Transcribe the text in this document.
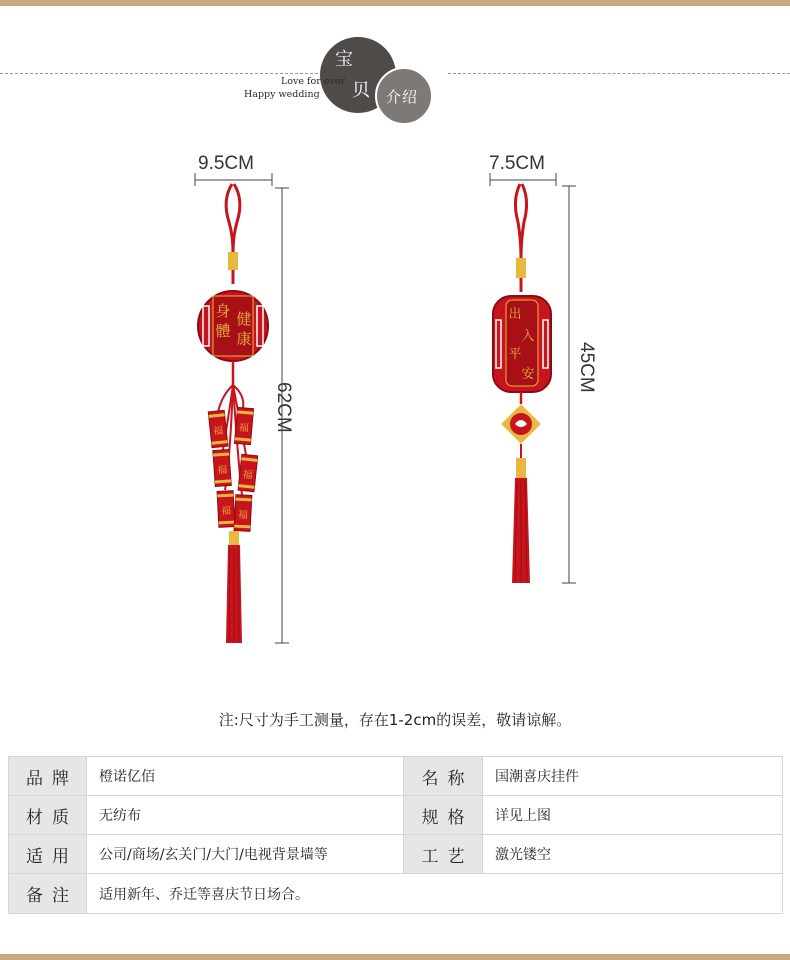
宝
贝 介绍
Love for ever
Happy wedding
9.5CM
62CM
7.5CM
45CM
身
體
健
康
福 福
福 福
福 福
出
入
平
安
注:尺寸为手工测量，存在1-2cm的误差，敬请谅解。
品牌	橙诺亿佰	名称	国潮喜庆挂件
材质	无纺布	规格	详见上图
适用	公司/商场/玄关门/大门/电视背景墙等	工艺	激光镂空
备注	适用新年、乔迁等喜庆节日场合。
